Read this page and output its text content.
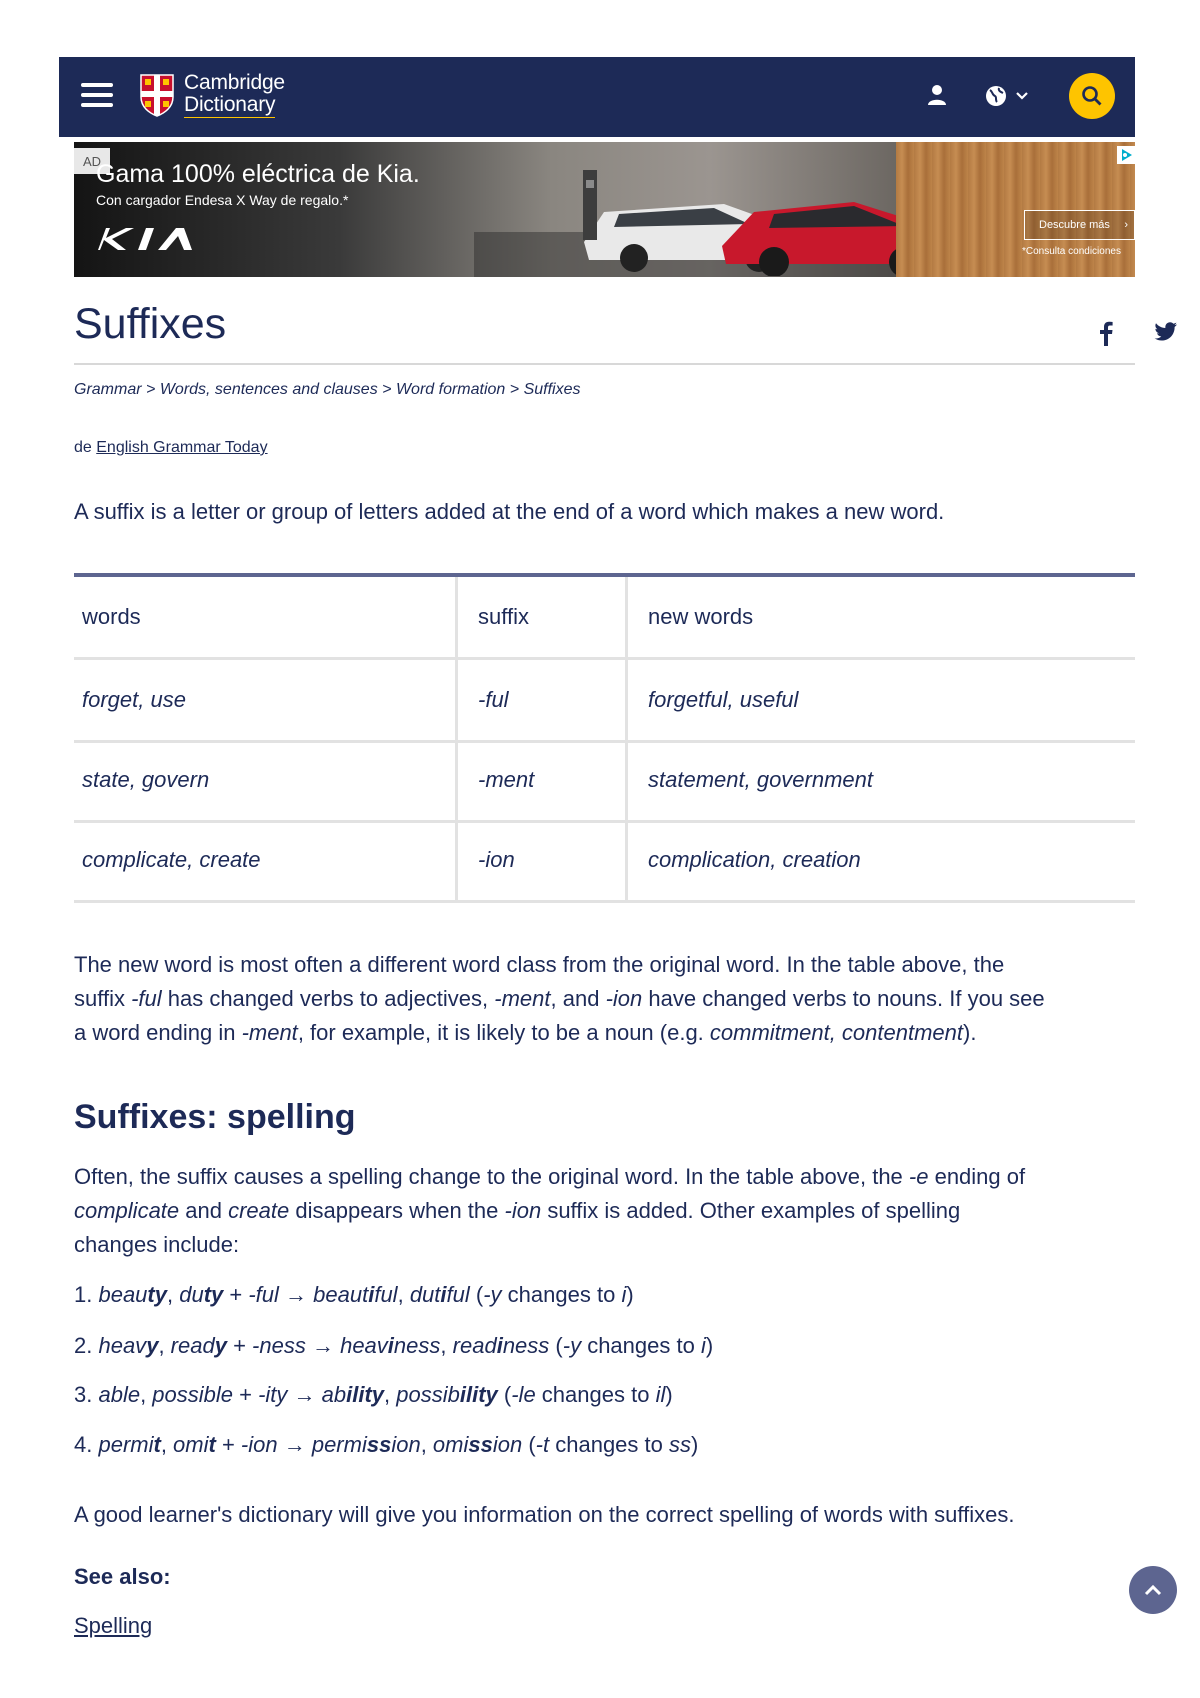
Cambridge
Dictionary
AD
Gama 100% eléctrica de Kia.
Con cargador Endesa X Way de regalo.*
Descubre más ›
*Consulta condiciones
Suffixes
Grammar > Words, sentences and clauses > Word formation > Suffixes
de English Grammar Today
A suffix is a letter or group of letters added at the end of a word which makes a new word.
words	suffix	new words
forget, use	-ful	forgetful, useful
state, govern	-ment	statement, government
complicate, create	-ion	complication, creation
The new word is most often a different word class from the original word. In the table above, the
suffix -ful has changed verbs to adjectives, -ment, and -ion have changed verbs to nouns. If you see
a word ending in -ment, for example, it is likely to be a noun (e.g. commitment, contentment).
Suffixes: spelling
Often, the suffix causes a spelling change to the original word. In the table above, the -e ending of
complicate and create disappears when the -ion suffix is added. Other examples of spelling
changes include:
1. beauty, duty + -ful → beautiful, dutiful (-y changes to i)
2. heavy, ready + -ness → heaviness, readiness (-y changes to i)
3. able, possible + -ity → ability, possibility (-le changes to il)
4. permit, omit + -ion → permission, omission (-t changes to ss)
A good learner's dictionary will give you information on the correct spelling of words with suffixes.
See also:
Spelling
